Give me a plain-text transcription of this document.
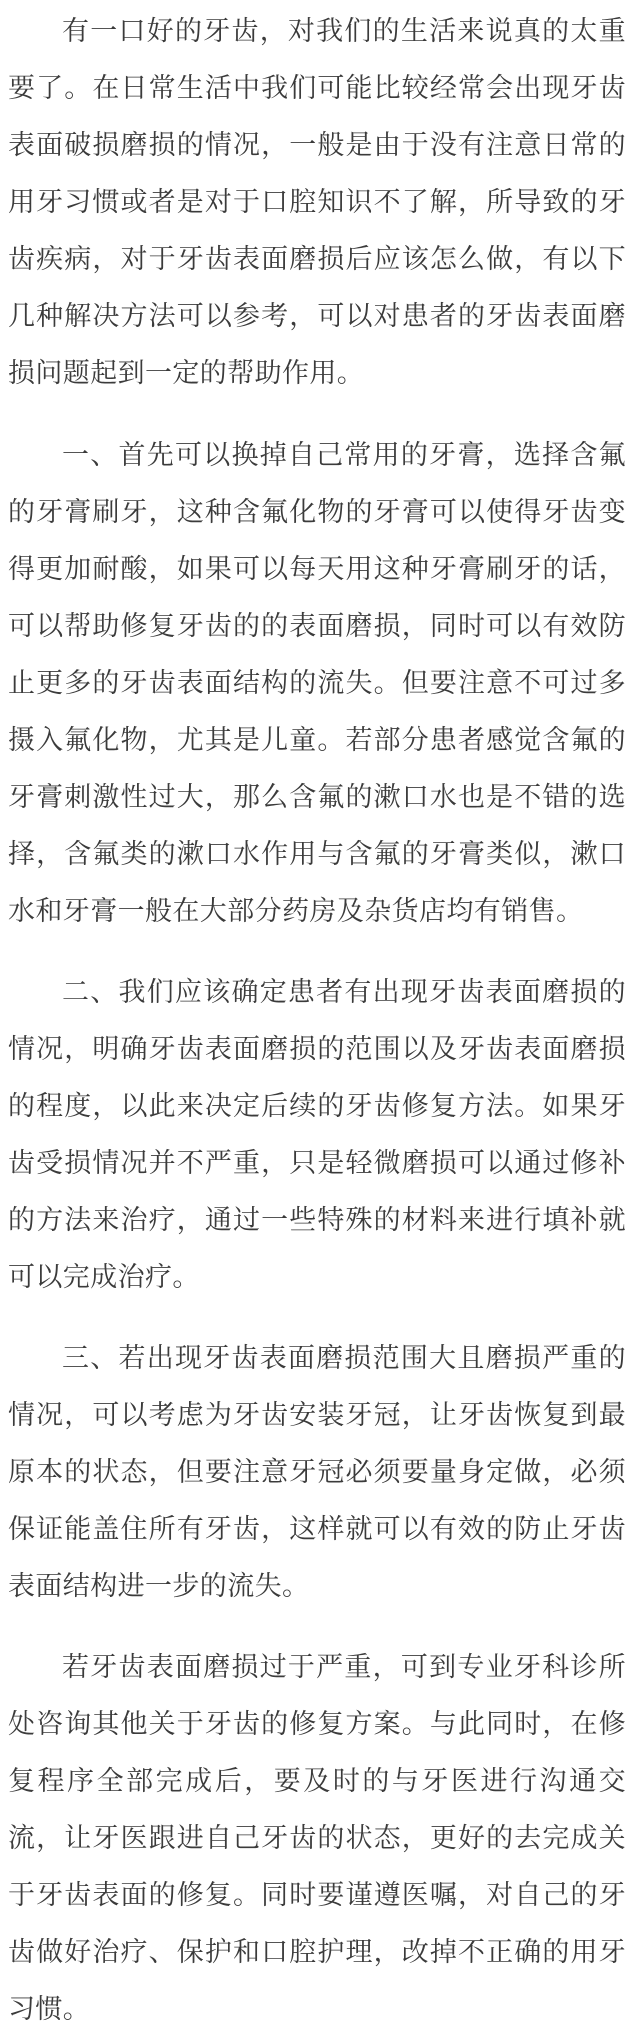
有一口好的牙齿，对我们的生活来说真的太重要了。在日常生活中我们可能比较经常会出现牙齿表面破损磨损的情况，一般是由于没有注意日常的用牙习惯或者是对于口腔知识不了解，所导致的牙齿疾病，对于牙齿表面磨损后应该怎么做，有以下几种解决方法可以参考，可以对患者的牙齿表面磨损问题起到一定的帮助作用。

一、首先可以换掉自己常用的牙膏，选择含氟的牙膏刷牙，这种含氟化物的牙膏可以使得牙齿变得更加耐酸，如果可以每天用这种牙膏刷牙的话，可以帮助修复牙齿的的表面磨损，同时可以有效防止更多的牙齿表面结构的流失。但要注意不可过多摄入氟化物，尤其是儿童。若部分患者感觉含氟的牙膏刺激性过大，那么含氟的漱口水也是不错的选择，含氟类的漱口水作用与含氟的牙膏类似，漱口水和牙膏一般在大部分药房及杂货店均有销售。

二、我们应该确定患者有出现牙齿表面磨损的情况，明确牙齿表面磨损的范围以及牙齿表面磨损的程度，以此来决定后续的牙齿修复方法。如果牙齿受损情况并不严重，只是轻微磨损可以通过修补的方法来治疗，通过一些特殊的材料来进行填补就可以完成治疗。

三、若出现牙齿表面磨损范围大且磨损严重的情况，可以考虑为牙齿安装牙冠，让牙齿恢复到最原本的状态，但要注意牙冠必须要量身定做，必须保证能盖住所有牙齿，这样就可以有效的防止牙齿表面结构进一步的流失。

若牙齿表面磨损过于严重，可到专业牙科诊所处咨询其他关于牙齿的修复方案。与此同时，在修复程序全部完成后，要及时的与牙医进行沟通交流，让牙医跟进自己牙齿的状态，更好的去完成关于牙齿表面的修复。同时要谨遵医嘱，对自己的牙齿做好治疗、保护和口腔护理，改掉不正确的用牙习惯。
